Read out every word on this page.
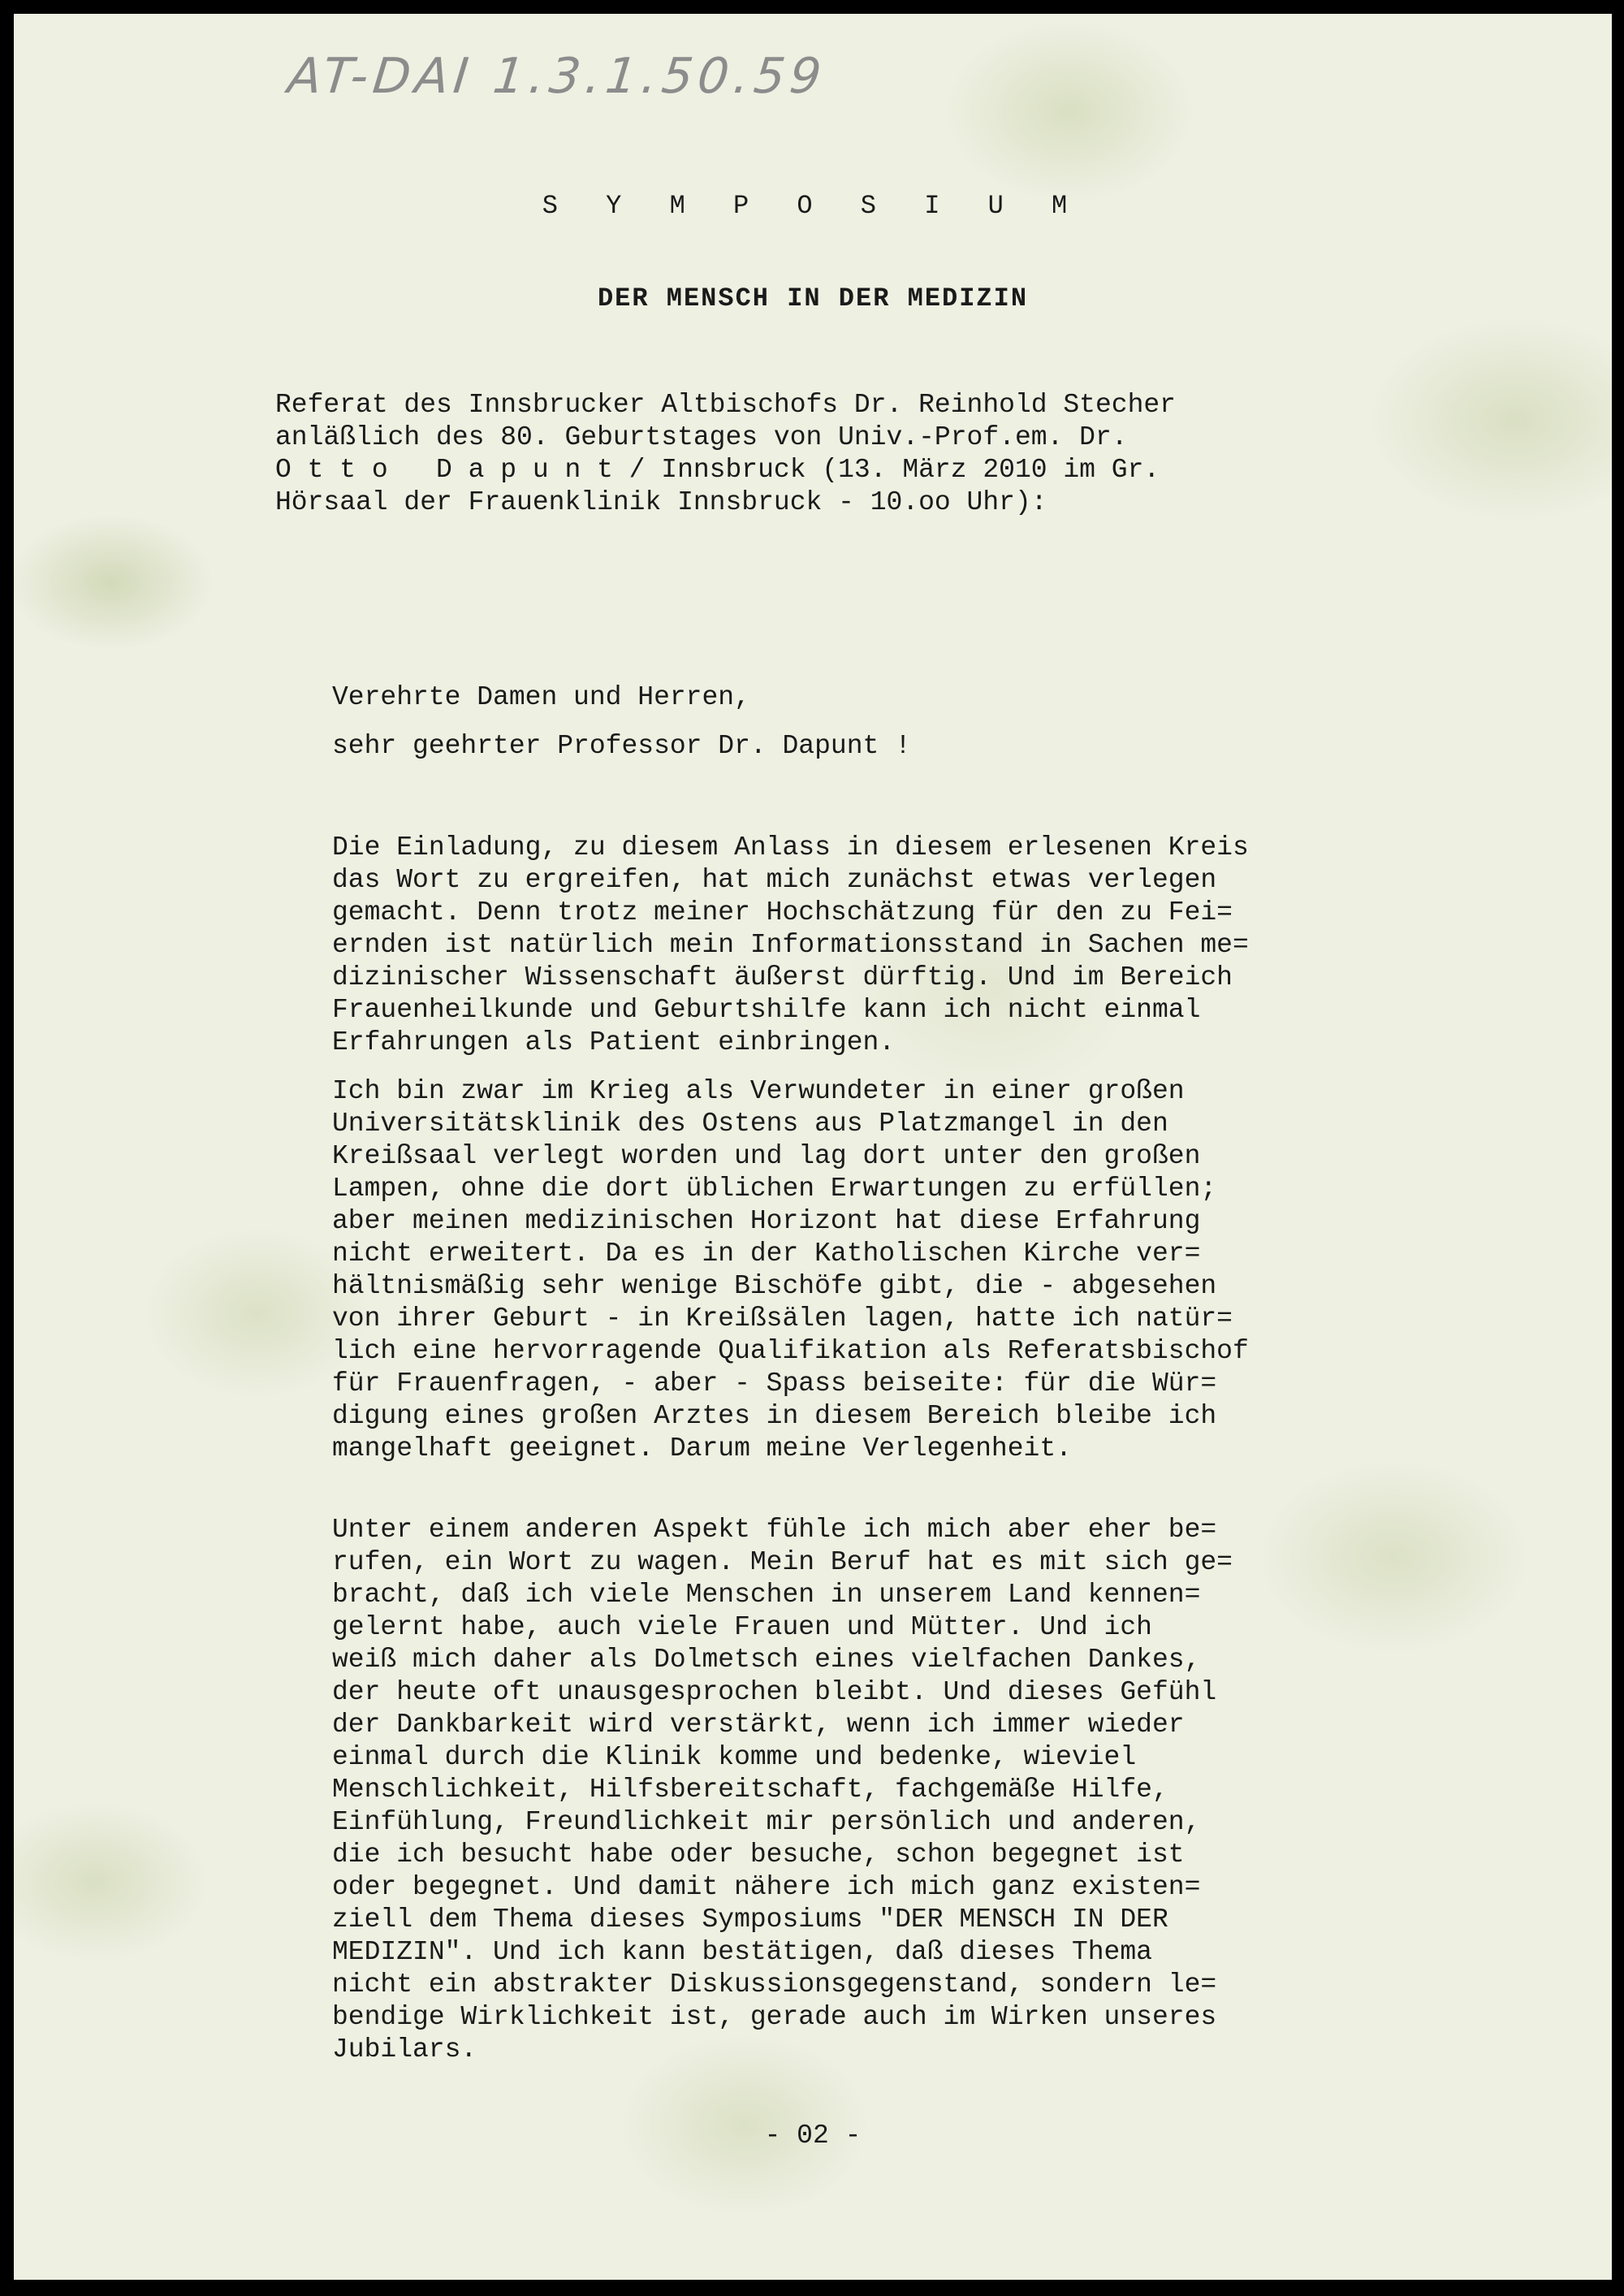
AT-DAI 1.3.1.50.59
S Y M P O S I U M
DER MENSCH IN DER MEDIZIN
Referat des Innsbrucker Altbischofs Dr. Reinhold Stecher
anläßlich des 80. Geburtstages von Univ.-Prof.em. Dr.
O t t o   D a p u n t / Innsbruck (13. März 2010 im Gr.
Hörsaal der Frauenklinik Innsbruck - 10.oo Uhr):
Verehrte Damen und Herren,
sehr geehrter Professor Dr. Dapunt !
Die Einladung, zu diesem Anlass in diesem erlesenen Kreis
das Wort zu ergreifen, hat mich zunächst etwas verlegen
gemacht. Denn trotz meiner Hochschätzung für den zu Fei=
ernden ist natürlich mein Informationsstand in Sachen me=
dizinischer Wissenschaft äußerst dürftig. Und im Bereich
Frauenheilkunde und Geburtshilfe kann ich nicht einmal
Erfahrungen als Patient einbringen.
Ich bin zwar im Krieg als Verwundeter in einer großen
Universitätsklinik des Ostens aus Platzmangel in den
Kreißsaal verlegt worden und lag dort unter den großen
Lampen, ohne die dort üblichen Erwartungen zu erfüllen;
aber meinen medizinischen Horizont hat diese Erfahrung
nicht erweitert. Da es in der Katholischen Kirche ver=
hältnismäßig sehr wenige Bischöfe gibt, die - abgesehen
von ihrer Geburt - in Kreißsälen lagen, hatte ich natür=
lich eine hervorragende Qualifikation als Referatsbischof
für Frauenfragen, - aber - Spass beiseite: für die Wür=
digung eines großen Arztes in diesem Bereich bleibe ich
mangelhaft geeignet. Darum meine Verlegenheit.
Unter einem anderen Aspekt fühle ich mich aber eher be=
rufen, ein Wort zu wagen. Mein Beruf hat es mit sich ge=
bracht, daß ich viele Menschen in unserem Land kennen=
gelernt habe, auch viele Frauen und Mütter. Und ich
weiß mich daher als Dolmetsch eines vielfachen Dankes,
der heute oft unausgesprochen bleibt. Und dieses Gefühl
der Dankbarkeit wird verstärkt, wenn ich immer wieder
einmal durch die Klinik komme und bedenke, wieviel
Menschlichkeit, Hilfsbereitschaft, fachgemäße Hilfe,
Einfühlung, Freundlichkeit mir persönlich und anderen,
die ich besucht habe oder besuche, schon begegnet ist
oder begegnet. Und damit nähere ich mich ganz existen=
ziell dem Thema dieses Symposiums "DER MENSCH IN DER
MEDIZIN". Und ich kann bestätigen, daß dieses Thema
nicht ein abstrakter Diskussionsgegenstand, sondern le=
bendige Wirklichkeit ist, gerade auch im Wirken unseres
Jubilars.
- 02 -
